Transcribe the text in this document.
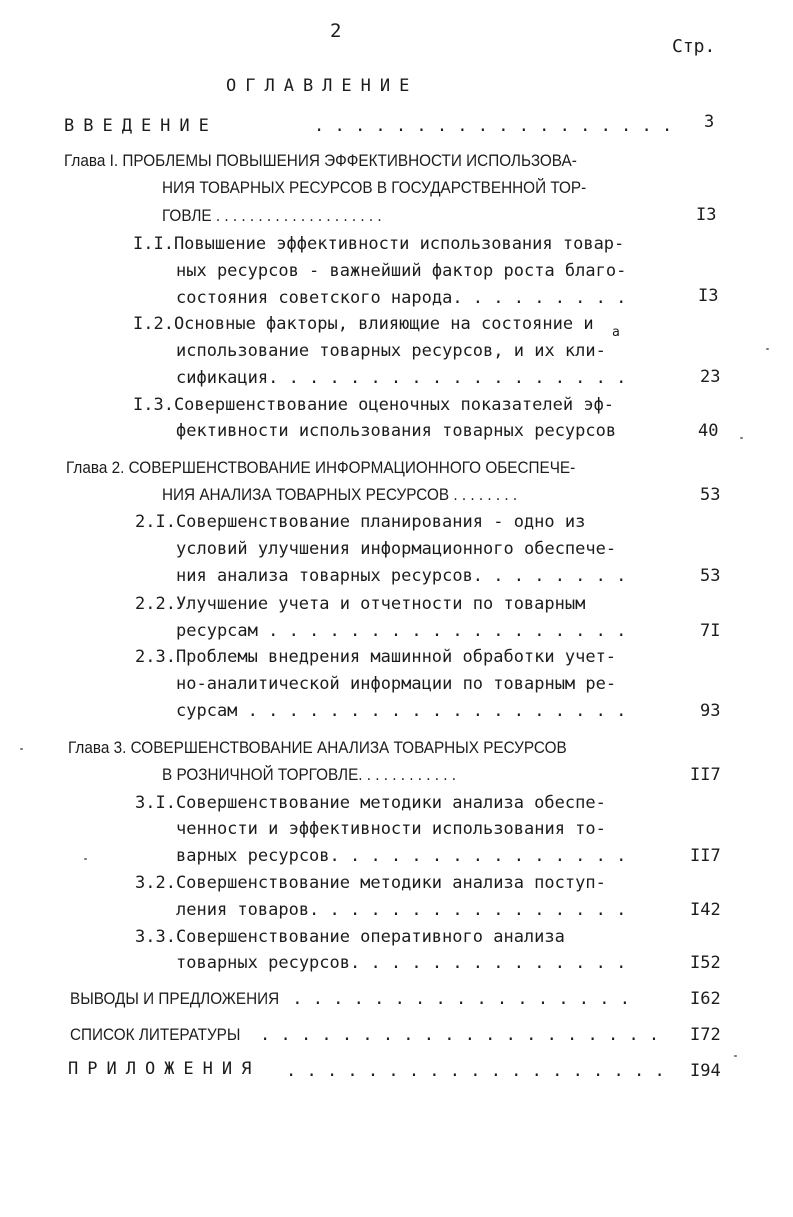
2
Стр.
ОГЛАВЛЕНИЕ
ВВЕДЕНИЕ	. . . . . . . . . . . . . . . . . . 3
Глава I. ПРОБЛЕМЫ ПОВЫШЕНИЯ ЭФФЕКТИВНОСТИ ИСПОЛЬЗОВА-
НИЯ ТОВАРНЫХ РЕСУРСОВ В ГОСУДАРСТВЕННОЙ ТОР-
ГОВЛЕ . . . . . . . . . . . . . . . . . . . .	I3
I.I.Повышение эффективности использования товар-
ных ресурсов - важнейший фактор роста благо-
состояния советского народа. . . . . . . . .	I3
I.2.Основные факторы, влияющие на состояние и
использование товарных ресурсов, и их кли-
а
сификация. . . . . . . . . . . . . . . . . .	23
I.3.Совершенствование оценочных показателей эф-
фективности использования товарных ресурсов	40
Глава 2. СОВЕРШЕНСТВОВАНИЕ ИНФОРМАЦИОННОГО ОБЕСПЕЧЕ-
НИЯ АНАЛИЗА ТОВАРНЫХ РЕСУРСОВ . . . . . . . .	53
2.I.Совершенствование планирования - одно из
условий улучшения информационного обеспече-
ния анализа товарных ресурсов. . . . . . . .	53
2.2.Улучшение учета и отчетности по товарным
ресурсам . . . . . . . . . . . . . . . . . .	7I
2.3.Проблемы внедрения машинной обработки учет-
но-аналитической информации по товарным ре-
сурсам . . . . . . . . . . . . . . . . . . .	93
Глава 3. СОВЕРШЕНСТВОВАНИЕ АНАЛИЗА ТОВАРНЫХ РЕСУРСОВ
В РОЗНИЧНОЙ ТОРГОВЛЕ. . . . . . . . . . . .	II7
3.I.Совершенствование методики анализа обеспе-
ченности и эффективности использования то-
варных ресурсов. . . . . . . . . . . . . . .	II7
3.2.Совершенствование методики анализа поступ-
ления товаров. . . . . . . . . . . . . . . .	I42
3.3.Совершенствование оперативного анализа
товарных ресурсов. . . . . . . . . . . . . .	I52
ВЫВОДЫ И ПРЕДЛОЖЕНИЯ . . . . . . . . . . . . . . . . .	I62
СПИСОК ЛИТЕРАТУРЫ . . . . . . . . . . . . . . . . . . . . I72
ПРИЛОЖЕНИЯ . . . . . . . . . . . . . . . . . . . I94
